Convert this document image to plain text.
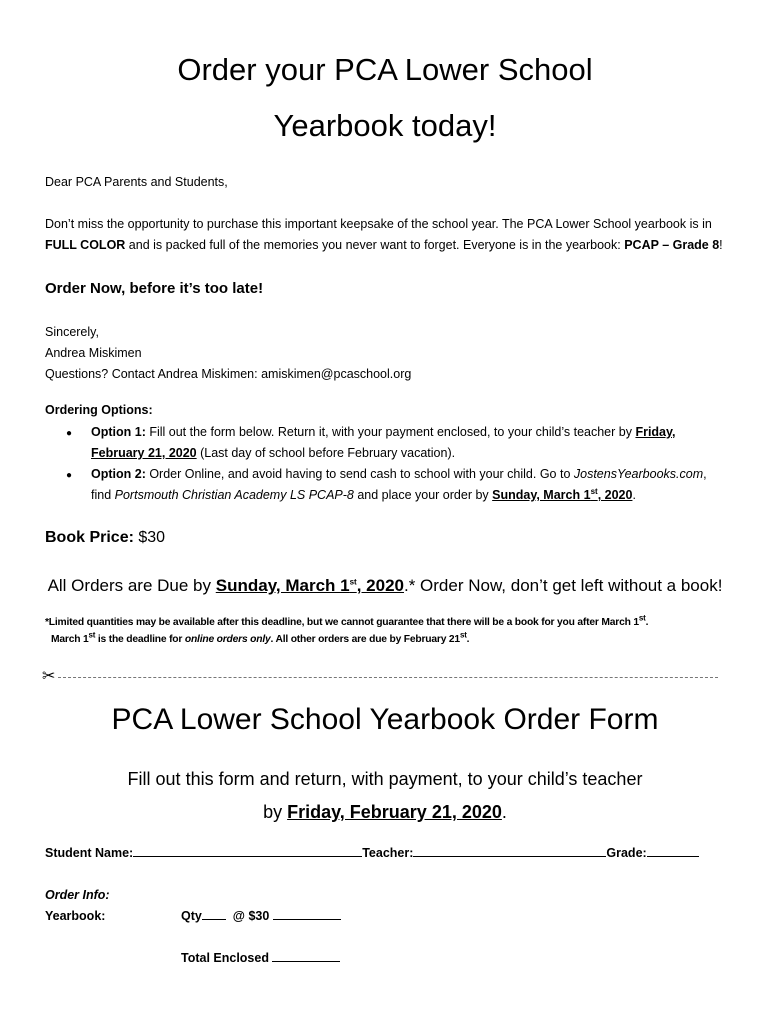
Order your PCA Lower School
Yearbook today!
Dear PCA Parents and Students,
Don’t miss the opportunity to purchase this important keepsake of the school year. The PCA Lower School yearbook is in
FULL COLOR and is packed full of the memories you never want to forget. Everyone is in the yearbook: PCAP – Grade 8!
Order Now, before it’s too late!
Sincerely,
Andrea Miskimen
Questions? Contact Andrea Miskimen: amiskimen@pcaschool.org
Ordering Options:
● Option 1: Fill out the form below. Return it, with your payment enclosed, to your child’s teacher by Friday,
February 21, 2020 (Last day of school before February vacation).
● Option 2: Order Online, and avoid having to send cash to school with your child. Go to JostensYearbooks.com,
find Portsmouth Christian Academy LS PCAP-8 and place your order by Sunday, March 1st, 2020.
Book Price: $30
All Orders are Due by Sunday, March 1st, 2020.* Order Now, don’t get left without a book!
*Limited quantities may be available after this deadline, but we cannot guarantee that there will be a book for you after March 1st.
March 1st is the deadline for online orders only. All other orders are due by February 21st.
✂
PCA Lower School Yearbook Order Form
Fill out this form and return, with payment, to your child’s teacher
by Friday, February 21, 2020.
Student Name:	Teacher:	Grade:
Order Info:
Yearbook:	Qty @ $30
Total Enclosed
